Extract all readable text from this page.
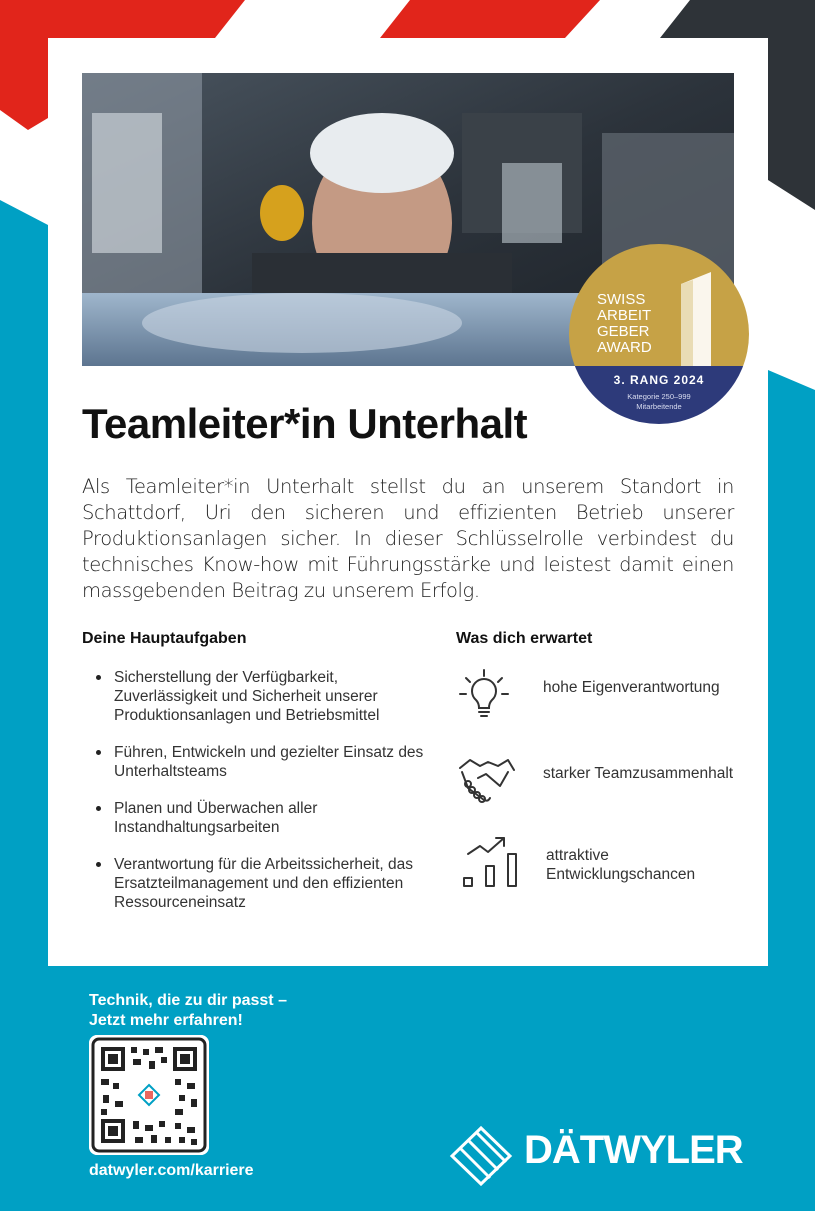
SWISS
ARBEIT
GEBER
AWARD
3. RANG 2024
Kategorie 250–999
Mitarbeitende
Teamleiter*in Unterhalt

Als Teamleiter*in Unterhalt stellst du an unserem Standort in Schattdorf, Uri den sicheren und effizienten Betrieb unserer Produktionsanlagen sicher. In dieser Schlüsselrolle verbindest du technisches Know-how mit Führungsstärke und leistest damit einen massgebenden Beitrag zu unserem Erfolg.

Deine Hauptaufgaben
Sicherstellung der Verfügbarkeit, Zuverlässigkeit und Sicherheit unserer Produktionsanlagen und Betriebsmittel
Führen, Entwickeln und gezielter Einsatz des Unterhaltsteams
Planen und Überwachen aller Instandhaltungsarbeiten
Verantwortung für die Arbeitssicherheit, das Ersatzteilmanagement und den effizienten Ressourceneinsatz
Was dich erwartet
hohe Eigenverantwortung
starker Teamzusammenhalt
attraktive Entwicklungschancen

Technik, die zu dir passt –
Jetzt mehr erfahren!

datwyler.com/karriere	DÄTWYLER
